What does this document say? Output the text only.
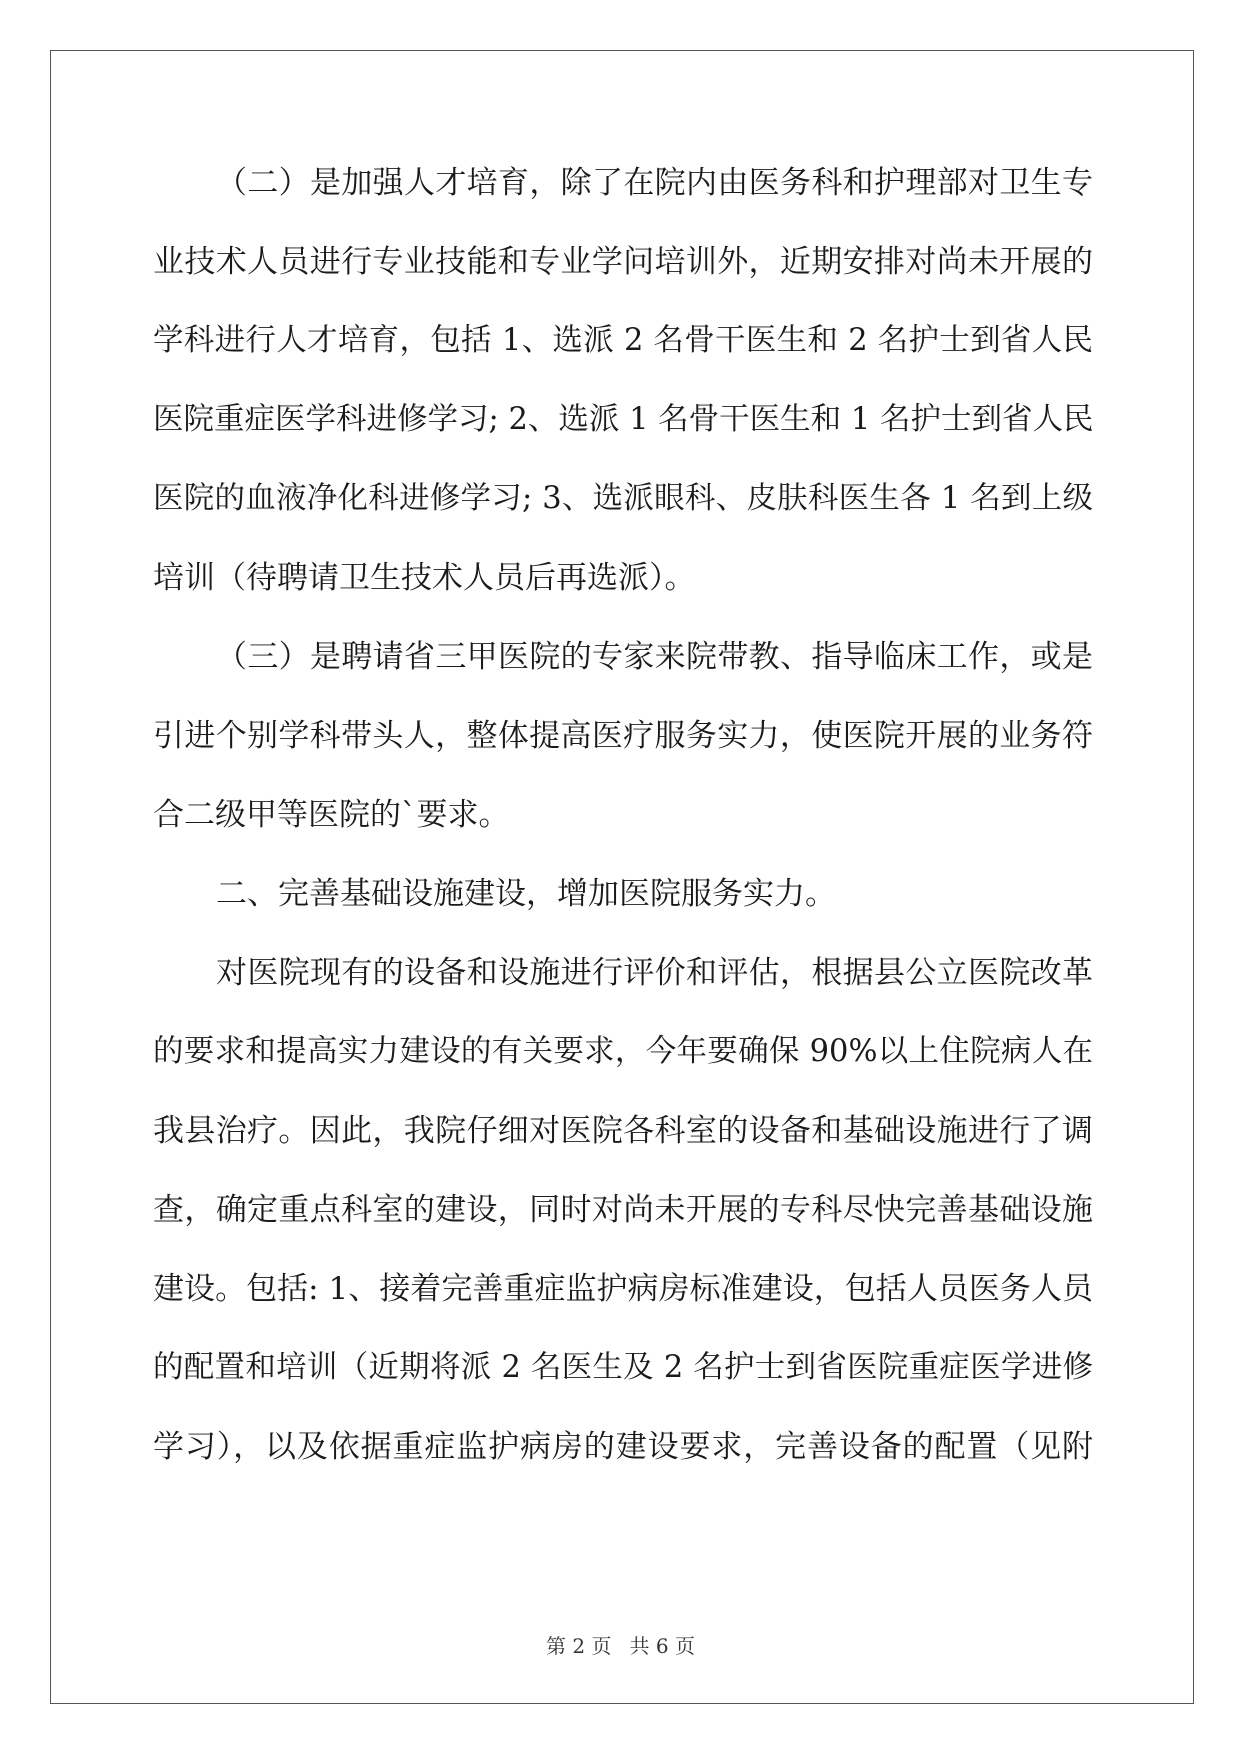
（二）是加强人才培育，除了在院内由医务科和护理部对卫生专
业技术人员进行专业技能和专业学问培训外，近期安排对尚未开展的
学科进行人才培育，包括 1、选派 2 名骨干医生和 2 名护士到省人民
医院重症医学科进修学习; 2、选派 1 名骨干医生和 1 名护士到省人民
医院的血液净化科进修学习; 3、选派眼科、皮肤科医生各 1 名到上级
培训（待聘请卫生技术人员后再选派）。
（三）是聘请省三甲医院的专家来院带教、指导临床工作，或是
引进个别学科带头人，整体提高医疗服务实力，使医院开展的业务符
合二级甲等医院的`要求。
二、完善基础设施建设，增加医院服务实力。
对医院现有的设备和设施进行评价和评估，根据县公立医院改革
的要求和提高实力建设的有关要求，今年要确保 90%以上住院病人在
我县治疗。因此，我院仔细对医院各科室的设备和基础设施进行了调
查，确定重点科室的建设，同时对尚未开展的专科尽快完善基础设施
建设。包括: 1、接着完善重症监护病房标准建设，包括人员医务人员
的配置和培训（近期将派 2 名医生及 2 名护士到省医院重症医学进修
学习），以及依据重症监护病房的建设要求，完善设备的配置（见附
第 2 页 共 6 页
